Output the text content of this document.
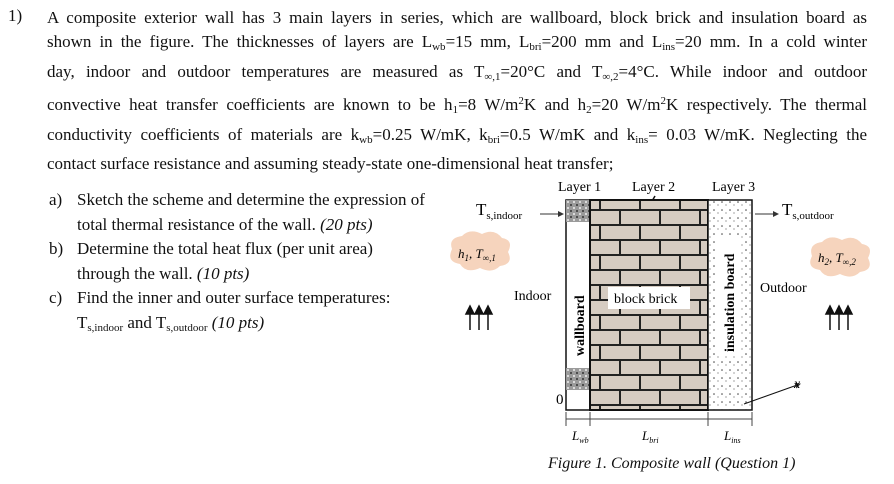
1) A composite exterior wall has 3 main layers in series, which are wallboard, block brick and insulation board as
shown in the figure. The thicknesses of layers are $L_{wb}=15$ mm, $L_{bri}=200$ mm and $L_{ins}=20$ mm. In a cold winter
day, indoor and outdoor temperatures are measured as $T_{\infty,1}=20^\circ C$ and $T_{\infty,2}=4^\circ C$. While indoor and outdoor
convective heat transfer coefficients are known to be $h_1=8$ $W/m^2K$ and $h_2=20$ $W/m^2K$ respectively. The thermal
conductivity coefficients of materials are $k_{wb}=0.25$ W/mK, $k_{bri}=0.5$ W/mK and $k_{ins}= 0.03$ W/mK. Neglecting the
contact surface resistance and assuming steady-state one-dimensional heat transfer;
a) Sketch the scheme and determine the expression of
total thermal resistance of the wall. (20 pts)
b) Determine the total heat flux (per unit area)
through the wall. (10 pts)
c) Find the inner and outer surface temperatures:
$T_{s,indoor}$ and $T_{s,outdoor}$ (10 pts)
Layer 1 Layer 2	Layer 3
wallboard block brick	insulation board
$T_{s,indoor}$	$T_{s,outdoor}$
Indoor
Outdoor
$h_1$, $T_{\infty,1}$	$h_2$, $T_{\infty,2}$
0
x
$L_{wb}$	$L_{bri}$	$L_{ins}$
Figure 1. Composite wall (Question 1)
